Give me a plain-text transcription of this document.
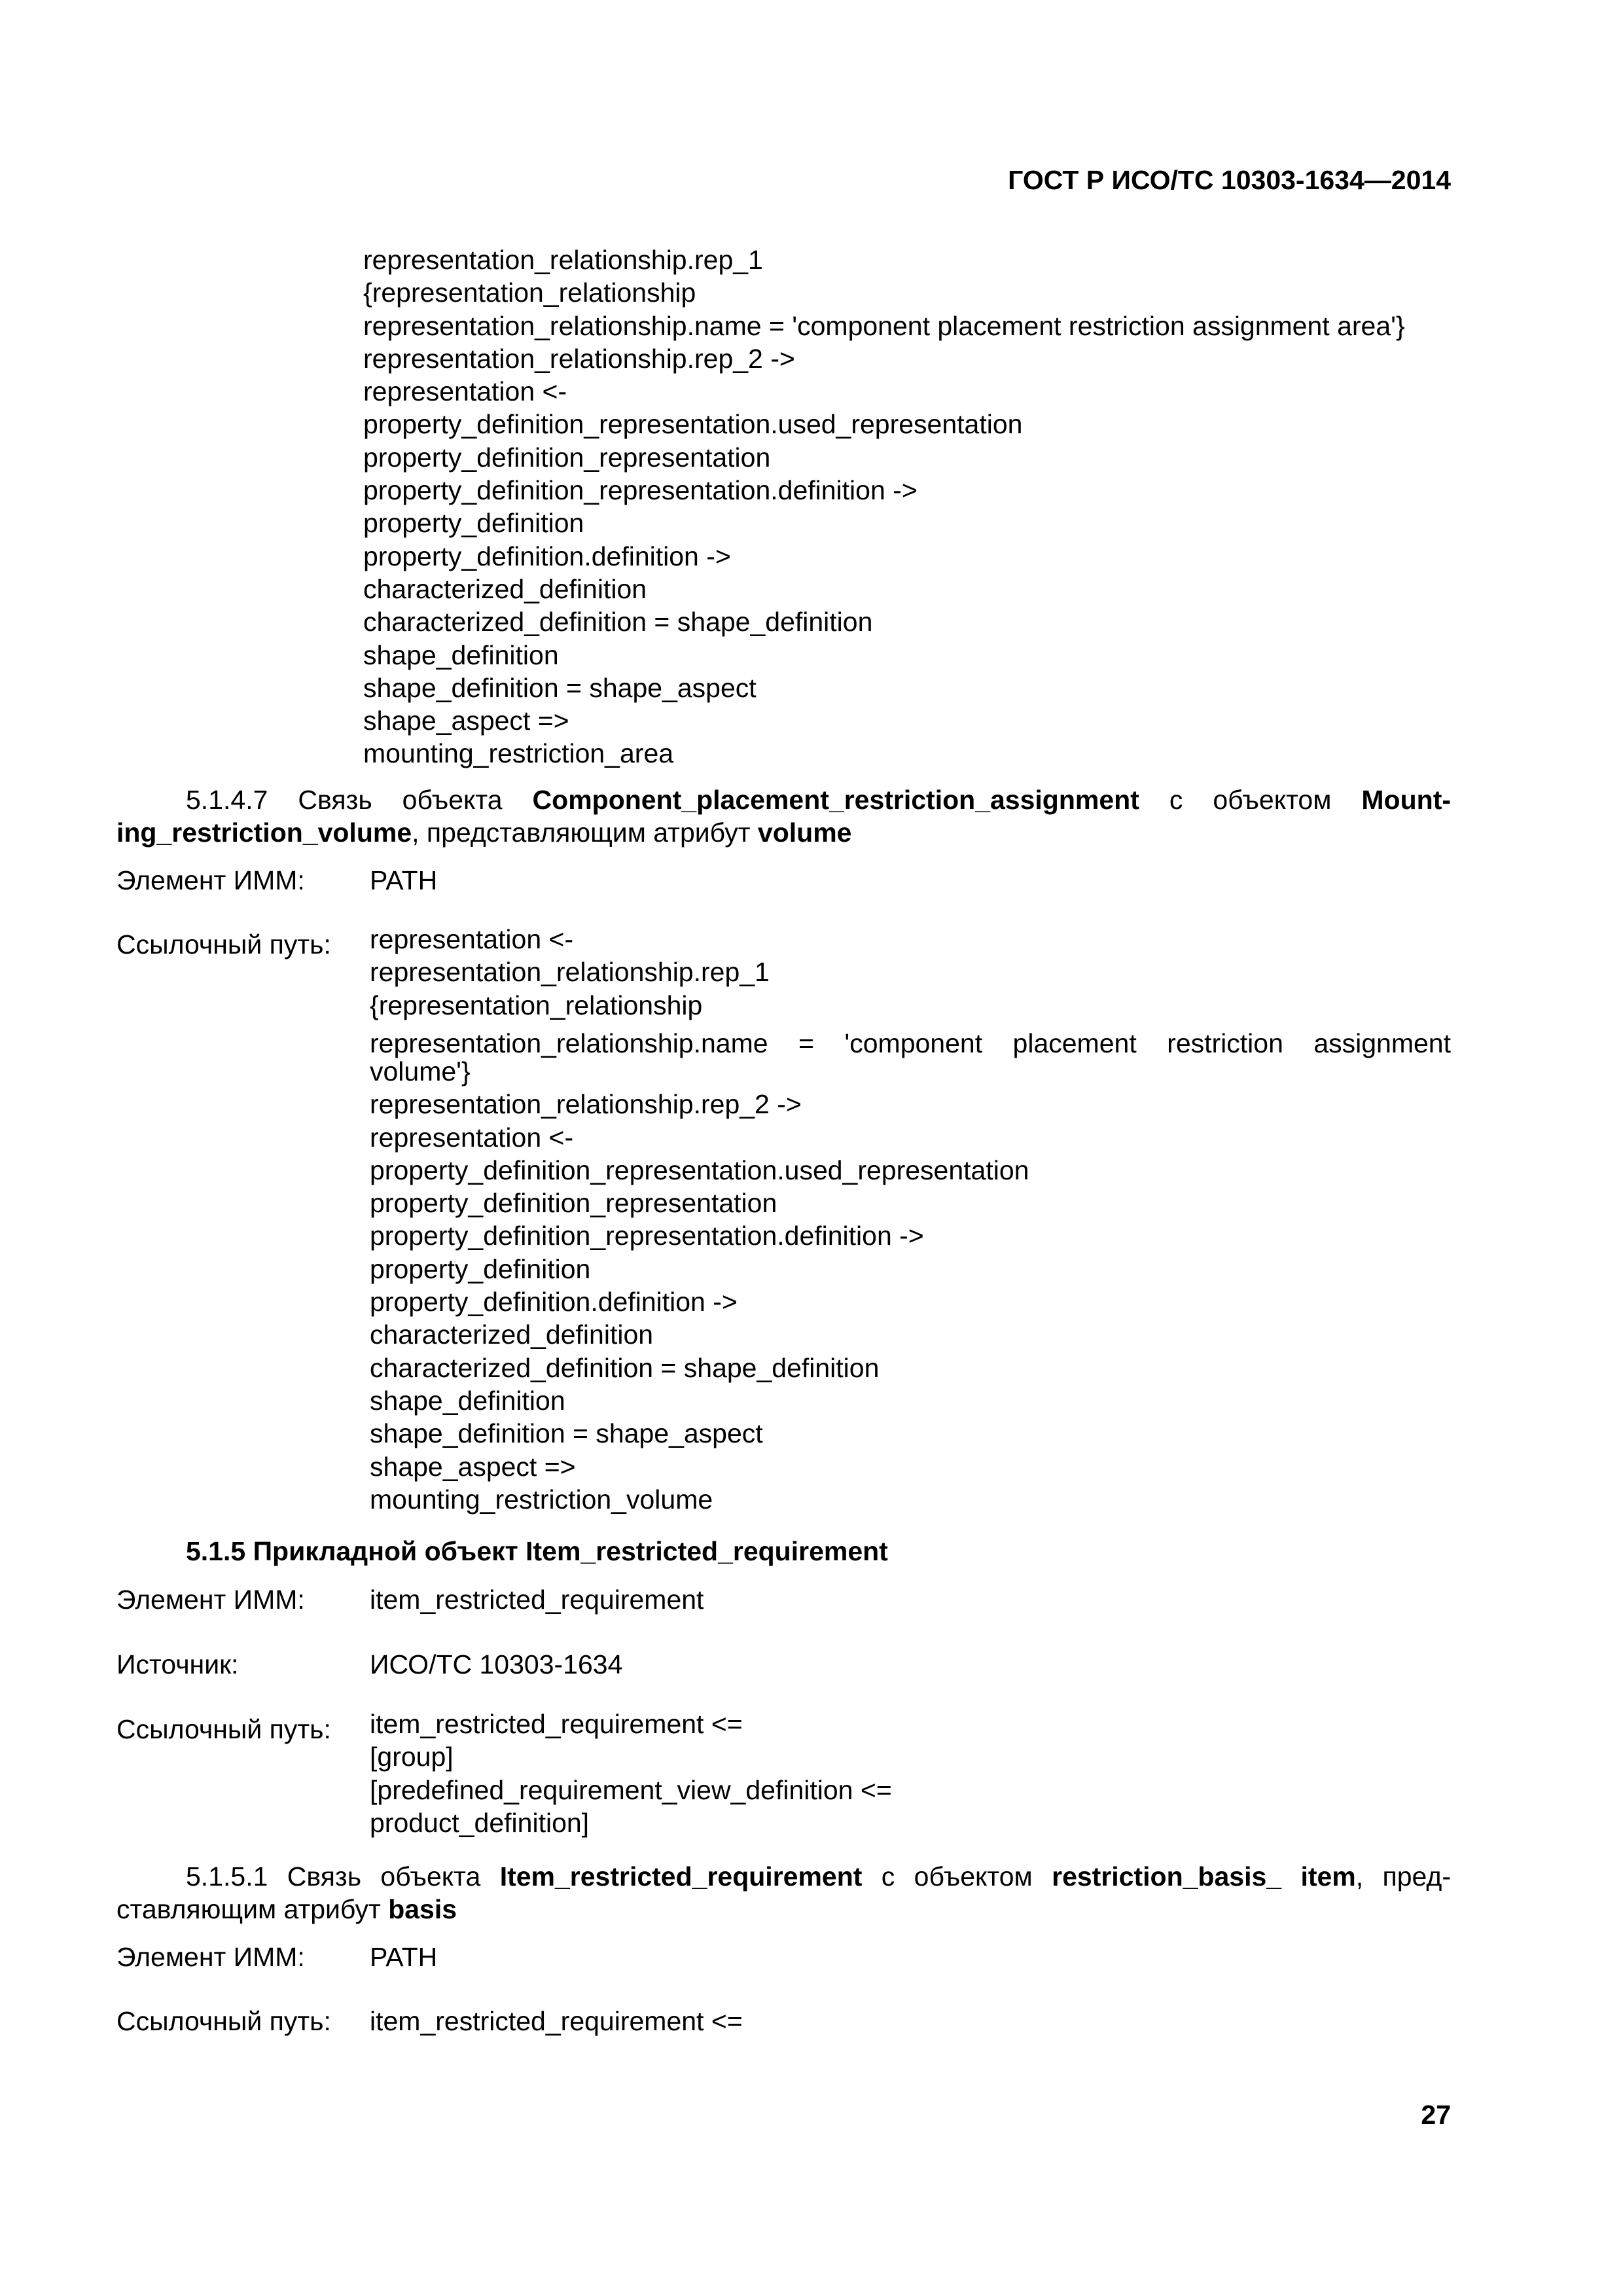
ГОСТ Р ИСО/ТС 10303-1634—2014
representation_relationship.rep_1
{representation_relationship
representation_relationship.name = 'component placement restriction assignment area'}
representation_relationship.rep_2 ->
representation <-
property_definition_representation.used_representation
property_definition_representation
property_definition_representation.definition ->
property_definition
property_definition.definition ->
characterized_definition
characterized_definition = shape_definition
shape_definition
shape_definition = shape_aspect
shape_aspect =>
mounting_restriction_area
5.1.4.7 Связь объекта Component_placement_restriction_assignment с объектом Mount-
ing_restriction_volume, представляющим атрибут volume
Элемент ИММ: PATH
Ссылочный путь: representation <-
representation_relationship.rep_1
{representation_relationship
representation_relationship.name = 'component placement restriction assignment
volume'}
representation_relationship.rep_2 ->
representation <-
property_definition_representation.used_representation
property_definition_representation
property_definition_representation.definition ->
property_definition
property_definition.definition ->
characterized_definition
characterized_definition = shape_definition
shape_definition
shape_definition = shape_aspect
shape_aspect =>
mounting_restriction_volume
5.1.5 Прикладной объект Item_restricted_requirement
Элемент ИММ: item_restricted_requirement
Источник:	ИСО/ТС 10303-1634
Ссылочный путь: item_restricted_requirement <=
[group]
[predefined_requirement_view_definition <=
product_definition]
5.1.5.1 Связь объекта Item_restricted_requirement с объектом restriction_basis_ item, пред-
ставляющим атрибут basis
Элемент ИММ: PATH
Ссылочный путь: item_restricted_requirement <=
27
